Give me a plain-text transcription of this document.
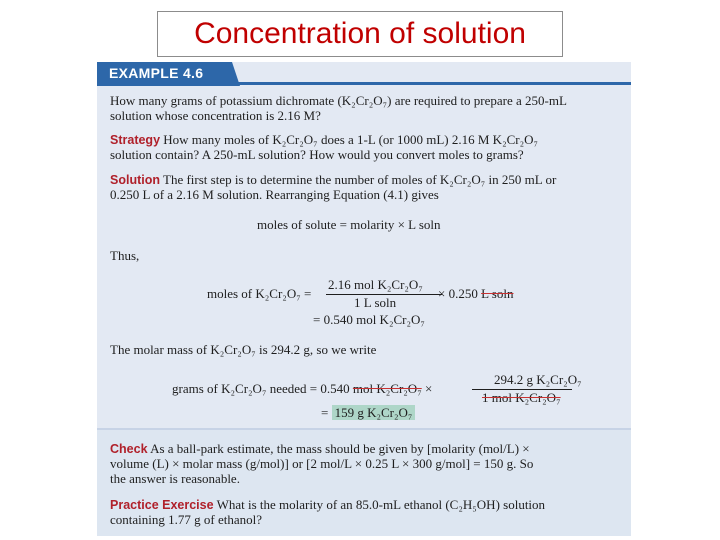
Concentration of solution
EXAMPLE 4.6
How many grams of potassium dichromate (K₂Cr₂O₇) are required to prepare a 250-mL
solution whose concentration is 2.16 M?
Strategy How many moles of K₂Cr₂O₇ does a 1-L (or 1000 mL) 2.16 M K₂Cr₂O₇
solution contain? A 250-mL solution? How would you convert moles to grams?
Solution The first step is to determine the number of moles of K₂Cr₂O₇ in 250 mL or
0.250 L of a 2.16 M solution. Rearranging Equation (4.1) gives
moles of solute = molarity × L soln
Thus,
moles of K₂Cr₂O₇ =
2.16 mol K₂Cr₂O₇
1 L soln
× 0.250 L soln
= 0.540 mol K₂Cr₂O₇
The molar mass of K₂Cr₂O₇ is 294.2 g, so we write
grams of K₂Cr₂O₇ needed = 0.540 mol K₂Cr₂O₇ ×
294.2 g K₂Cr₂O₇
1 mol K₂Cr₂O₇
= 159 g K₂Cr₂O₇
Check As a ball-park estimate, the mass should be given by [molarity (mol/L) ×
volume (L) × molar mass (g/mol)] or [2 mol/L × 0.25 L × 300 g/mol] = 150 g. So
the answer is reasonable.
Practice Exercise What is the molarity of an 85.0-mL ethanol (C₂H₅OH) solution
containing 1.77 g of ethanol?
